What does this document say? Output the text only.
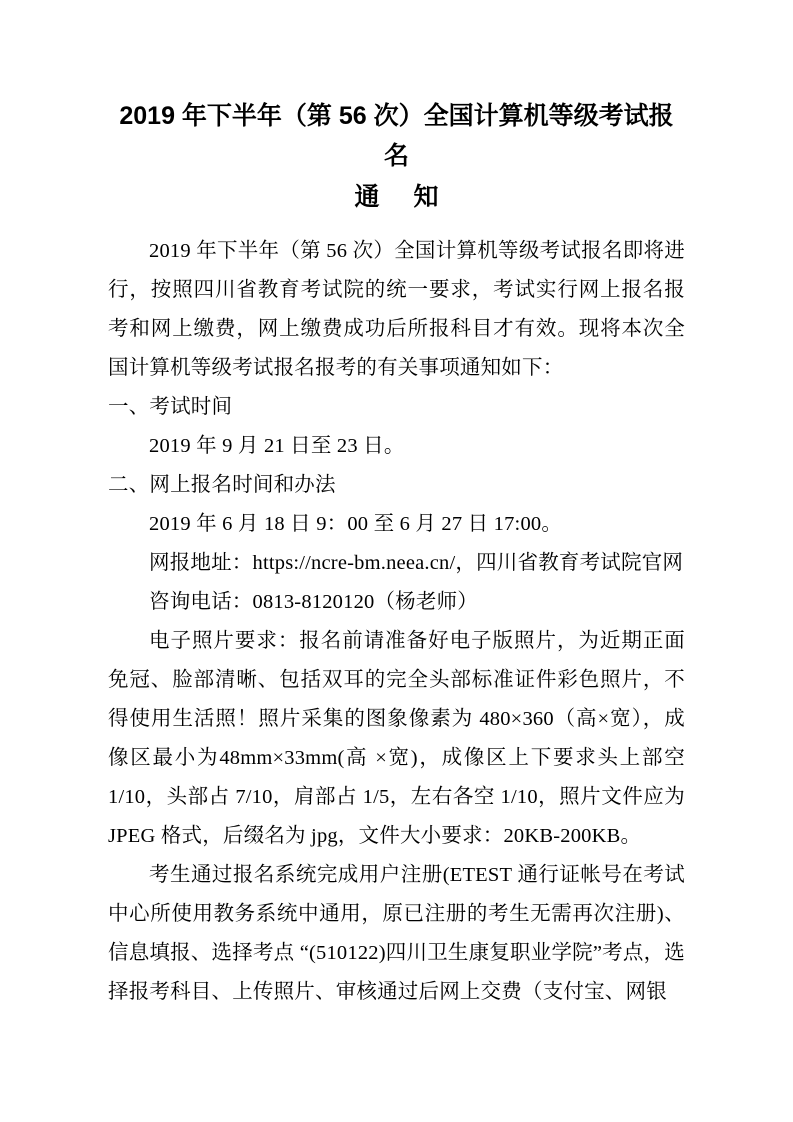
2019 年下半年（第 56 次）全国计算机等级考试报名
通 知

2019 年下半年（第 56 次）全国计算机等级考试报名即将进行，按照四川省教育考试院的统一要求，考试实行网上报名报考和网上缴费，网上缴费成功后所报科目才有效。现将本次全国计算机等级考试报名报考的有关事项通知如下：

一、考试时间

2019 年 9 月 21 日至 23 日。

二、网上报名时间和办法

2019 年 6 月 18 日 9：00 至 6 月 27 日 17:00。

网报地址：https://ncre-bm.neea.cn/，四川省教育考试院官网

咨询电话：0813-8120120（杨老师）

电子照片要求：报名前请准备好电子版照片，为近期正面免冠、脸部清晰、包括双耳的完全头部标准证件彩色照片，不得使用生活照！照片采集的图象像素为 480×360（高×宽），成像区最小为48mm×33mm(高 ×宽)，成像区上下要求头上部空 1/10，头部占 7/10，肩部占 1/5，左右各空 1/10，照片文件应为 JPEG 格式，后缀名为 jpg，文件大小要求：20KB-200KB。

考生通过报名系统完成用户注册(ETEST 通行证帐号在考试中心所使用教务系统中通用，原已注册的考生无需再次注册)、信息填报、选择考点 “(510122)四川卫生康复职业学院”考点，选择报考科目、上传照片、审核通过后网上交费（支付宝、网银
